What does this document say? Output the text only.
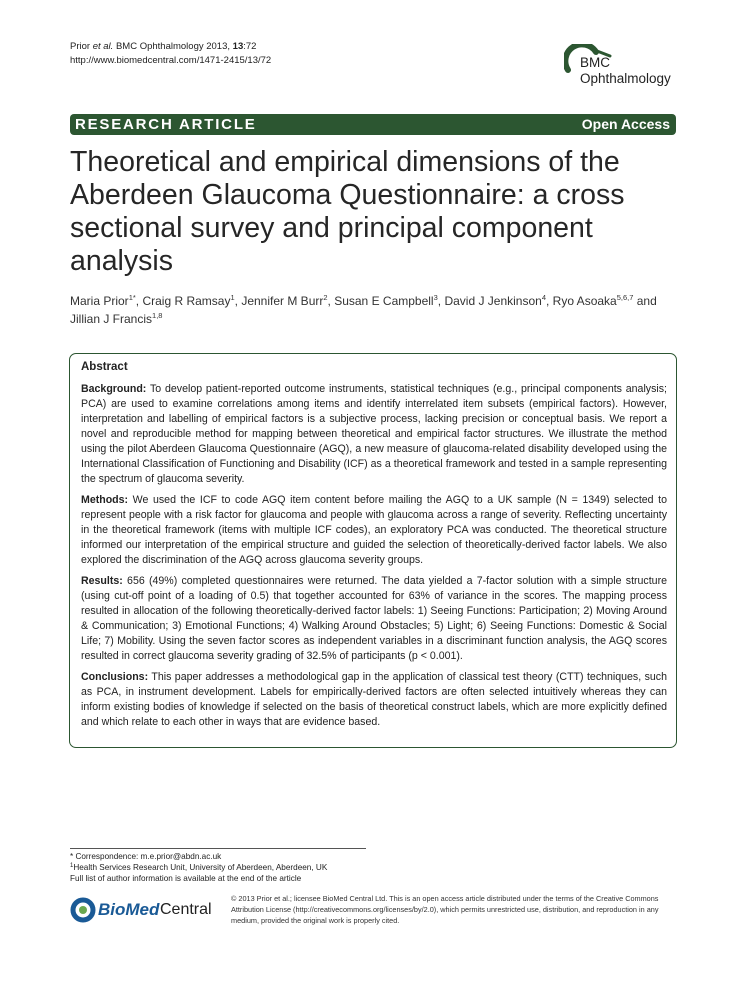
Prior et al. BMC Ophthalmology 2013, 13:72
http://www.biomedcentral.com/1471-2415/13/72	BMC
Ophthalmology
RESEARCH ARTICLE	Open Access
Theoretical and empirical dimensions of the Aberdeen Glaucoma Questionnaire: a cross sectional survey and principal component analysis
Maria Prior$^{1*}$, Craig R Ramsay$^1$, Jennifer M Burr$^2$, Susan E Campbell$^3$, David J Jenkinson$^4$, Ryo Asoaka$^{5,6,7}$ and Jillian J Francis$^{1,8}$
Abstract

Background: To develop patient-reported outcome instruments, statistical techniques (e.g., principal components analysis; PCA) are used to examine correlations among items and identify interrelated item subsets (empirical factors). However, interpretation and labelling of empirical factors is a subjective process, lacking precision or conceptual basis. We report a novel and reproducible method for mapping between theoretical and empirical factor structures. We illustrate the method using the pilot Aberdeen Glaucoma Questionnaire (AGQ), a new measure of glaucoma-related disability developed using the International Classification of Functioning and Disability (ICF) as a theoretical framework and tested in a sample representing the spectrum of glaucoma severity.

Methods: We used the ICF to code AGQ item content before mailing the AGQ to a UK sample (N = 1349) selected to represent people with a risk factor for glaucoma and people with glaucoma across a range of severity. Reflecting uncertainty in the theoretical framework (items with multiple ICF codes), an exploratory PCA was conducted. The theoretical structure informed our interpretation of the empirical structure and guided the selection of theoretically-derived factor labels. We also explored the discrimination of the AGQ across glaucoma severity groups.

Results: 656 (49%) completed questionnaires were returned. The data yielded a 7-factor solution with a simple structure (using cut-off point of a loading of 0.5) that together accounted for 63% of variance in the scores. The mapping process resulted in allocation of the following theoretically-derived factor labels: 1) Seeing Functions: Participation; 2) Moving Around & Communication; 3) Emotional Functions; 4) Walking Around Obstacles; 5) Light; 6) Seeing Functions: Domestic & Social Life; 7) Mobility. Using the seven factor scores as independent variables in a discriminant function analysis, the AGQ scores resulted in correct glaucoma severity grading of 32.5% of participants (p < 0.001).

Conclusions: This paper addresses a methodological gap in the application of classical test theory (CTT) techniques, such as PCA, in instrument development. Labels for empirically-derived factors are often selected intuitively whereas they can inform existing bodies of knowledge if selected on the basis of theoretical construct labels, which are more explicitly defined and which relate to each other in ways that are evidence based.

* Correspondence: m.e.prior@abdn.ac.uk
$^1$Health Services Research Unit, University of Aberdeen, Aberdeen, UK
Full list of author information is available at the end of the article
BioMed Central
© 2013 Prior et al.; licensee BioMed Central Ltd. This is an open access article distributed under the terms of the Creative Commons Attribution License (http://creativecommons.org/licenses/by/2.0), which permits unrestricted use, distribution, and reproduction in any medium, provided the original work is properly cited.
